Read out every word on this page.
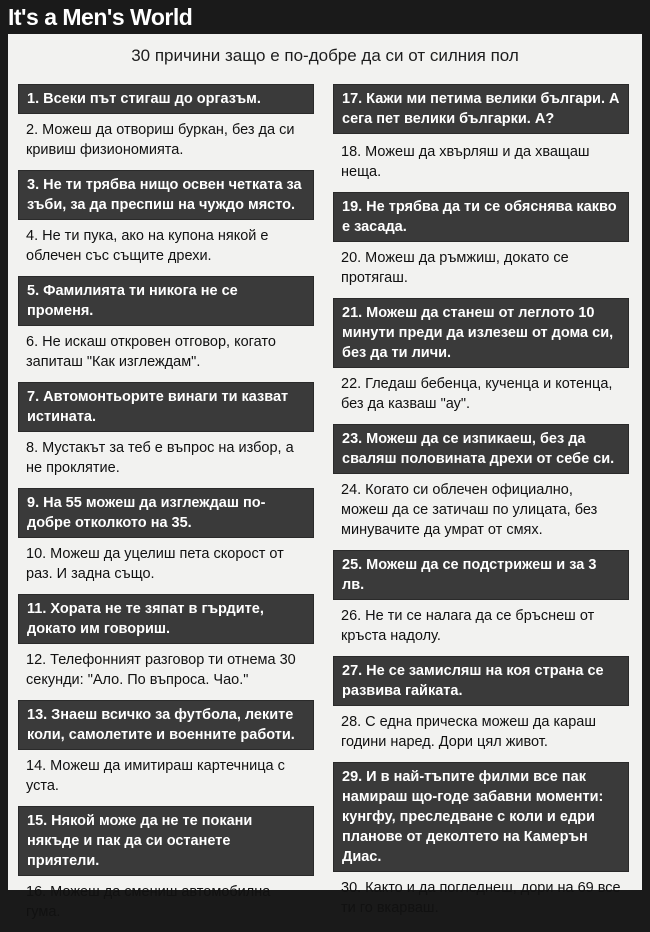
It's a Men's World
30 причини защо е по-добре да си от силния пол
1. Всеки път стигаш до оргазъм.
2. Можеш да отвориш буркан, без да си кривиш физиономията.
3. Не ти трябва нищо освен четката за зъби, за да преспиш на чуждо място.
4. Не ти пука, ако на купона някой е облечен със същите дрехи.
5. Фамилията ти никога не се променя.
6. Не искаш откровен отговор, когато запиташ "Как изглеждам".
7. Автомонтьорите винаги ти казват истината.
8. Мустакът за теб е въпрос на избор, а не проклятие.
9. На 55 можеш да изглеждаш по-добре отколкото на 35.
10. Можеш да уцелиш пета скорост от раз. И задна също.
11. Хората не те зяпат в гърдите, докато им говориш.
12. Телефонният разговор ти отнема 30 секунди: "Ало. По въпроса. Чао."
13. Знаеш всичко за футбола, леките коли, самолетите и военните работи.
14. Можеш да имитираш картечница с уста.
15. Някой може да не те покани някъде и пак да си останете приятели.
16. Можеш да смениш автомобилна гума.
17. Кажи ми петима велики българи. А сега пет велики българки. А?
18. Можеш да хвърляш и да хващаш неща.
19. Не трябва да ти се обяснява какво е засада.
20. Можеш да ръмжиш, докато се протягаш.
21. Можеш да станеш от леглото 10 минути преди да излезеш от дома си, без да ти личи.
22. Гледаш бебенца, кученца и котенца, без да казваш "ау".
23. Можеш да се изпикаеш, без да сваляш половината дрехи от себе си.
24. Когато си облечен официално, можеш да се затичаш по улицата, без минувачите да умрат от смях.
25. Можеш да се подстрижеш и за 3 лв.
26. Не ти се налага да се бръснеш от кръста надолу.
27. Не се замисляш на коя страна се развива гайката.
28. С една прическа можеш да караш години наред. Дори цял живот.
29. И в най-тъпите филми все пак намираш що-годе забавни моменти: кунгфу, преследване с коли и едри планове от деколтето на Камерън Диас.
30. Както и да погледнеш, дори на 69 все ти го вкарваш.
